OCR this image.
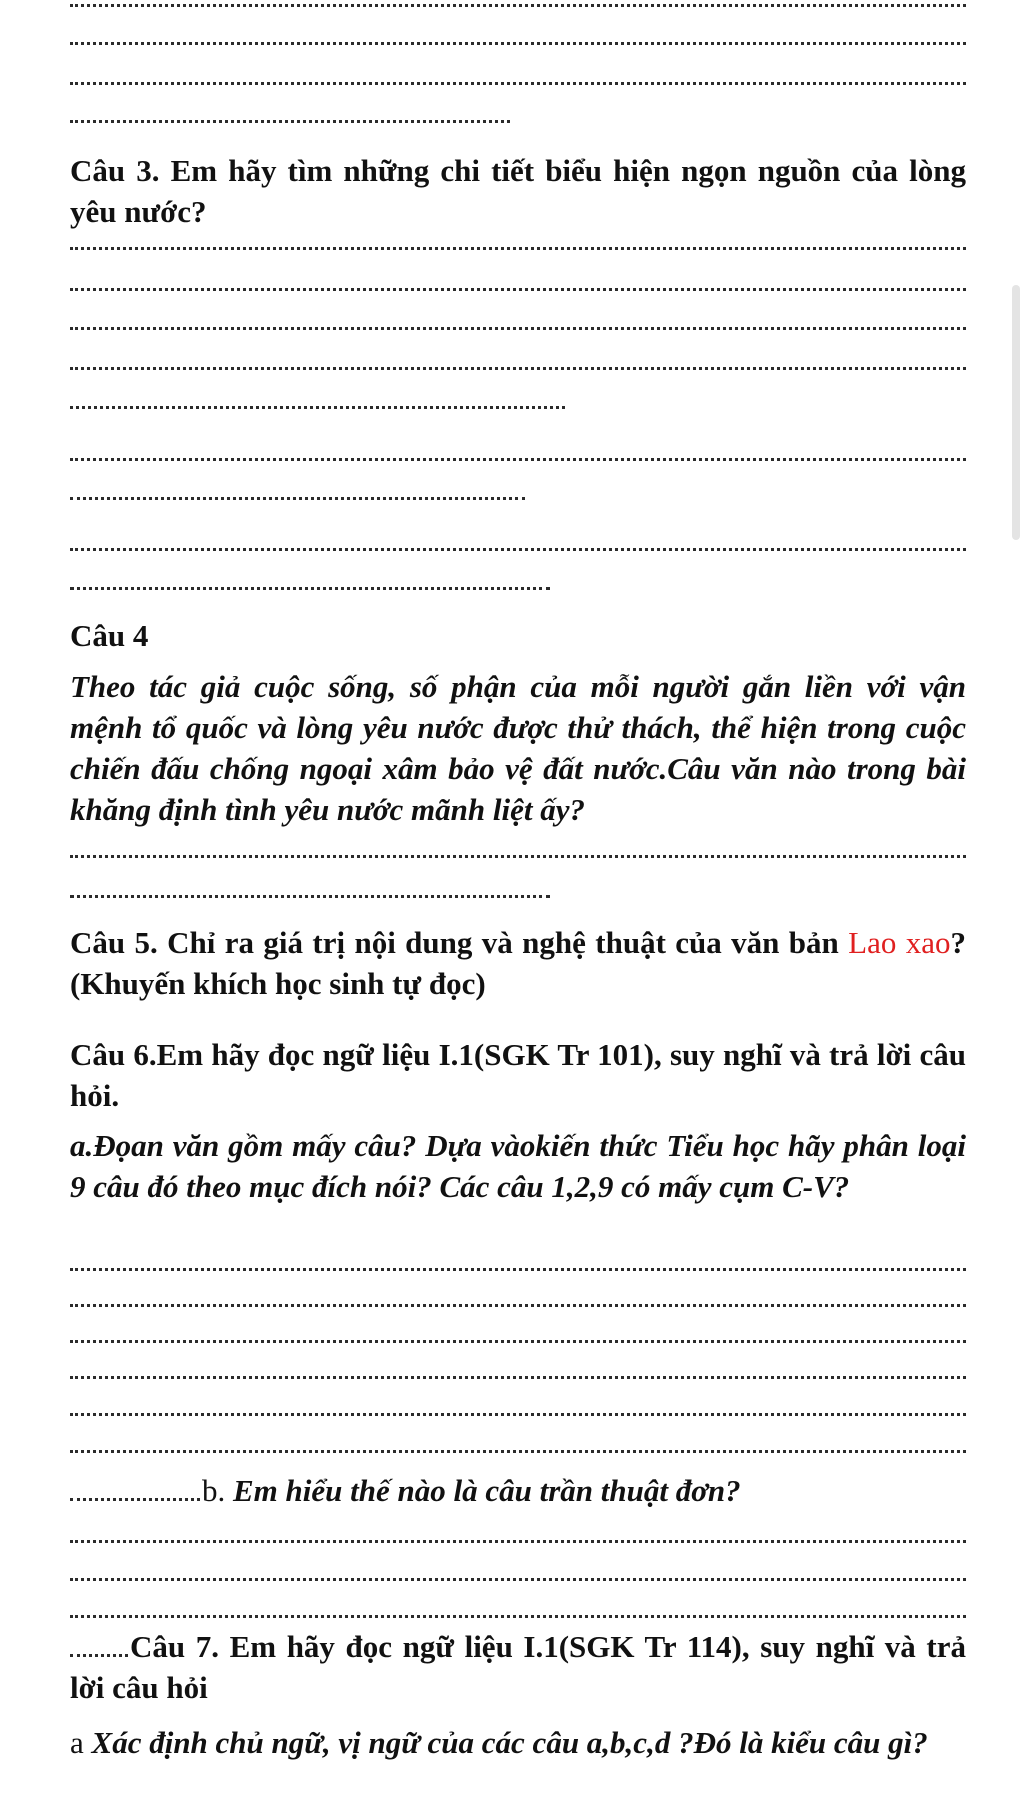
Câu 3. Em hãy tìm những chi tiết biểu hiện ngọn nguồn của lòng yêu nước?

Câu 4

Theo tác giả cuộc sống, số phận của mỗi người gắn liền với vận mệnh tổ quốc và lòng yêu nước được thử thách, thể hiện trong cuộc chiến đấu chống ngoại xâm bảo vệ đất nước.Câu văn nào trong bài khăng định tình yêu nước mãnh liệt ấy?

Câu 5. Chỉ ra giá trị nội dung và nghệ thuật của văn bản Lao xao? (Khuyến khích học sinh tự đọc)

Câu 6.Em hãy đọc ngữ liệu I.1(SGK Tr 101), suy nghĩ và trả lời câu hỏi.

a.Đọan văn gồm mấy câu? Dựa vàokiến thức Tiểu học hãy phân loại 9 câu đó theo mục đích nói? Các câu 1,2,9 có mấy cụm C-V?

b. Em hiểu thế nào là câu trần thuật đơn?

Câu 7. Em hãy đọc ngữ liệu I.1(SGK Tr 114), suy nghĩ và trả lời câu hỏi

a Xác định chủ ngữ, vị ngữ của các câu a,b,c,d ?Đó là kiểu câu gì?
